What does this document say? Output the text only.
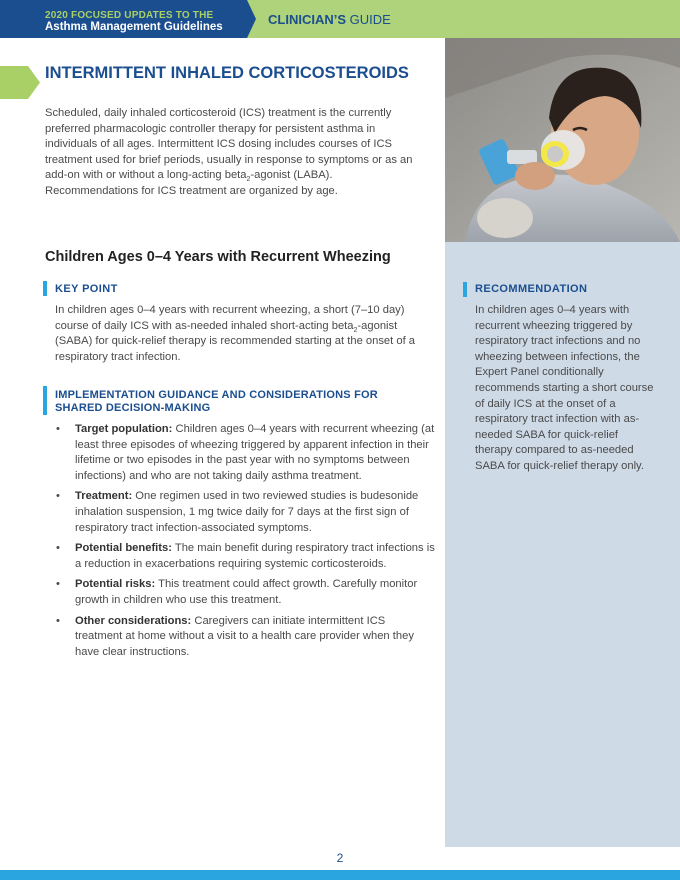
2020 FOCUSED UPDATES TO THE
Asthma Management Guidelines	CLINICIAN’S GUIDE
RECOMMENDATION
In children ages 0–4 years with recurrent wheezing triggered by respiratory tract infections and no wheezing between infections, the Expert Panel conditionally recommends starting a short course of daily ICS at the onset of a respiratory tract infection with as-needed SABA for quick-relief therapy compared to as-needed SABA for quick-relief therapy only.
INTERMITTENT INHALED CORTICOSTEROIDS
Scheduled, daily inhaled corticosteroid (ICS) treatment is the currently preferred pharmacologic controller therapy for persistent asthma in individuals of all ages. Intermittent ICS dosing includes courses of ICS treatment used for brief periods, usually in response to symptoms or as an add-on with or without a long-acting beta$_2$-agonist (LABA). Recommendations for ICS treatment are organized by age.
Children Ages 0–4 Years with Recurrent Wheezing
KEY POINT
In children ages 0–4 years with recurrent wheezing, a short (7–10 day) course of daily ICS with as-needed inhaled short-acting beta$_2$-agonist (SABA) for quick-relief therapy is recommended starting at the onset of a respiratory tract infection.
IMPLEMENTATION GUIDANCE AND CONSIDERATIONS FOR SHARED DECISION-MAKING
• Target population: Children ages 0–4 years with recurrent wheezing (at least three episodes of wheezing triggered by apparent infection in their lifetime or two episodes in the past year with no symptoms between infections) and who are not taking daily asthma treatment.
• Treatment: One regimen used in two reviewed studies is budesonide inhalation suspension, 1 mg twice daily for 7 days at the first sign of respiratory tract infection-associated symptoms.
• Potential benefits: The main benefit during respiratory tract infections is a reduction in exacerbations requiring systemic corticosteroids.
• Potential risks: This treatment could affect growth. Carefully monitor growth in children who use this treatment.
• Other considerations: Caregivers can initiate intermittent ICS treatment at home without a visit to a health care provider when they have clear instructions.
2
